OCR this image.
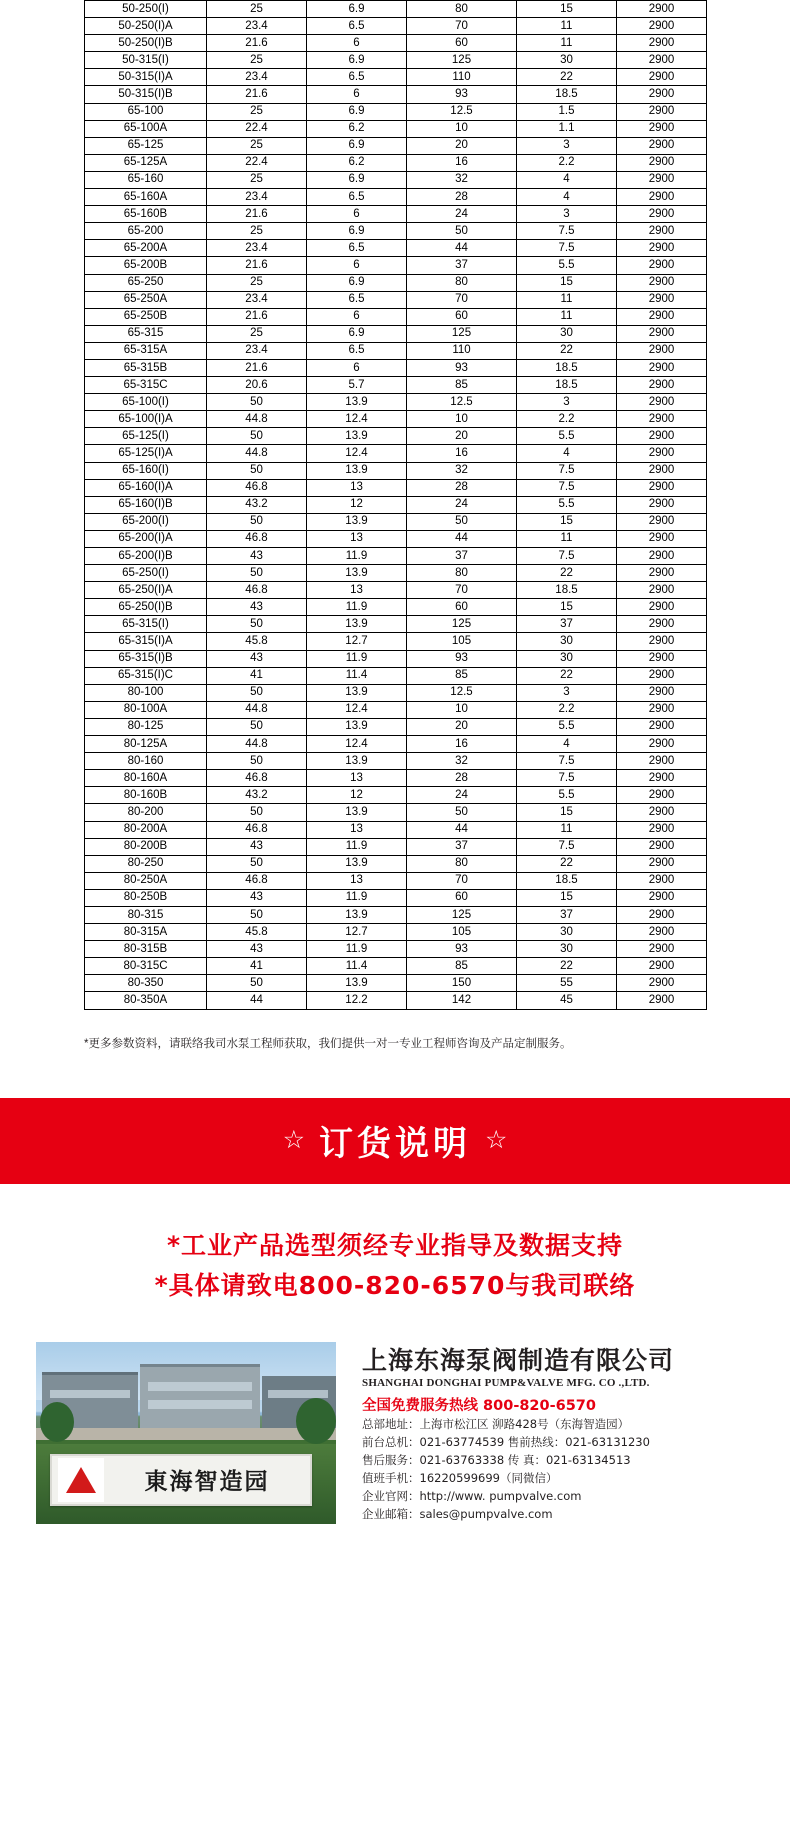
50-250(I)	25	6.9	80	15	2900
50-250(I)A	23.4	6.5	70	11	2900
50-250(I)B	21.6	6	60	11	2900
50-315(I)	25	6.9	125	30	2900
50-315(I)A	23.4	6.5	110	22	2900
50-315(I)B	21.6	6	93	18.5	2900
65-100	25	6.9	12.5	1.5	2900
65-100A	22.4	6.2	10	1.1	2900
65-125	25	6.9	20	3	2900
65-125A	22.4	6.2	16	2.2	2900
65-160	25	6.9	32	4	2900
65-160A	23.4	6.5	28	4	2900
65-160B	21.6	6	24	3	2900
65-200	25	6.9	50	7.5	2900
65-200A	23.4	6.5	44	7.5	2900
65-200B	21.6	6	37	5.5	2900
65-250	25	6.9	80	15	2900
65-250A	23.4	6.5	70	11	2900
65-250B	21.6	6	60	11	2900
65-315	25	6.9	125	30	2900
65-315A	23.4	6.5	110	22	2900
65-315B	21.6	6	93	18.5	2900
65-315C	20.6	5.7	85	18.5	2900
65-100(I)	50	13.9	12.5	3	2900
65-100(I)A	44.8	12.4	10	2.2	2900
65-125(I)	50	13.9	20	5.5	2900
65-125(I)A	44.8	12.4	16	4	2900
65-160(I)	50	13.9	32	7.5	2900
65-160(I)A	46.8	13	28	7.5	2900
65-160(I)B	43.2	12	24	5.5	2900
65-200(I)	50	13.9	50	15	2900
65-200(I)A	46.8	13	44	11	2900
65-200(I)B	43	11.9	37	7.5	2900
65-250(I)	50	13.9	80	22	2900
65-250(I)A	46.8	13	70	18.5	2900
65-250(I)B	43	11.9	60	15	2900
65-315(I)	50	13.9	125	37	2900
65-315(I)A	45.8	12.7	105	30	2900
65-315(I)B	43	11.9	93	30	2900
65-315(I)C	41	11.4	85	22	2900
80-100	50	13.9	12.5	3	2900
80-100A	44.8	12.4	10	2.2	2900
80-125	50	13.9	20	5.5	2900
80-125A	44.8	12.4	16	4	2900
80-160	50	13.9	32	7.5	2900
80-160A	46.8	13	28	7.5	2900
80-160B	43.2	12	24	5.5	2900
80-200	50	13.9	50	15	2900
80-200A	46.8	13	44	11	2900
80-200B	43	11.9	37	7.5	2900
80-250	50	13.9	80	22	2900
80-250A	46.8	13	70	18.5	2900
80-250B	43	11.9	60	15	2900
80-315	50	13.9	125	37	2900
80-315A	45.8	12.7	105	30	2900
80-315B	43	11.9	93	30	2900
80-315C	41	11.4	85	22	2900
80-350	50	13.9	150	55	2900
80-350A	44	12.2	142	45	2900
*更多参数资料，请联络我司水泵工程师获取，我们提供一对一专业工程师咨询及产品定制服务。
☆ 订货说明 ☆
*工业产品选型须经专业指导及数据支持
*具体请致电800-820-6570与我司联络
東海智造园
上海东海泵阀制造有限公司
SHANGHAI DONGHAI PUMP&VALVE MFG. CO .,LTD.
全国免费服务热线 800-820-6570
总部地址：上海市松江区 泖路428号（东海智造园）
前台总机：021-63774539 售前热线：021-63131230
售后服务：021-63763338 传 真：021-63134513
值班手机：16220599699（同微信）
企业官网：http://www. pumpvalve.com
企业邮箱：sales@pumpvalve.com
